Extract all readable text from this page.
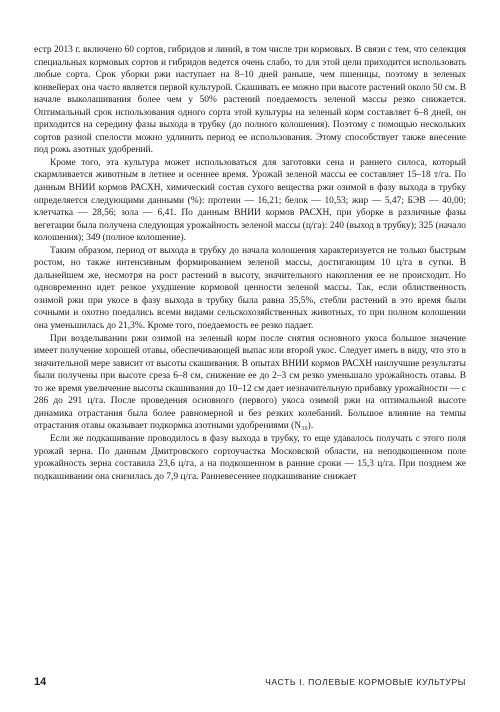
естр 2013 г. включено 60 сортов, гибридов и линий, в том числе три кормовых. В связи с тем, что селекция специальных кормовых сортов и гибридов ведется очень слабо, то для этой цели приходится использовать любые сорта. Срок уборки ржи наступает на 8–10 дней раньше, чем пшеницы, поэтому в зеленых конвейерах она часто является первой культурой. Скашивать ее можно при высоте растений около 50 см. В начале выколашивания более чем у 50% растений поедаемость зеленой массы резко снижается. Оптимальный срок использования одного сорта этой культуры на зеленый корм составляет 6–8 дней, он приходится на середину фазы выхода в трубку (до полного колошения). Поэтому с помощью нескольких сортов разной спелости можно удлинить период ее использования. Этому способствует также внесение под рожь азотных удобрений.

Кроме того, эта культура может использоваться для заготовки сена и раннего силоса, который скармливается животным в летнее и осеннее время. Урожай зеленой массы ее составляет 15–18 т/га. По данным ВНИИ кормов РАСХН, химический состав сухого вещества ржи озимой в фазу выхода в трубку определяется следующими данными (%): протеин — 16,21; белок — 10,53; жир — 5,47; БЭВ — 40,00; клетчатка — 28,56; зола — 6,41. По данным ВНИИ кормов РАСХН, при уборке в различные фазы вегетации была получена следующая урожайность зеленой массы (ц/га): 240 (выход в трубку); 325 (начало колошения); 349 (полное колошение).

Таким образом, период от выхода в трубку до начала колошения характеризуется не только быстрым ростом, но также интенсивным формированием зеленой массы, достигающим 10 ц/га в сутки. В дальнейшем же, несмотря на рост растений в высоту, значительного накопления ее не происходит. Но одновременно идет резкое ухудшение кормовой ценности зеленой массы. Так, если облиственность озимой ржи при укосе в фазу выхода в трубку была равна 35,5%, стебли растений в это время были сочными и охотно поедались всеми видами сельскохозяйственных животных, то при полном колошении она уменьшилась до 21,3%. Кроме того, поедаемость ее резко падает.

При возделывании ржи озимой на зеленый корм после снятия основного укоса большое значение имеет получение хорошей отавы, обеспечивающей выпас или второй укос. Следует иметь в виду, что это в значительной мере зависит от высоты скашивания. В опытах ВНИИ кормов РАСХН наилучшие результаты были получены при высоте среза 6–8 см, снижение ее до 2–3 см резко уменьшало урожайность отавы. В то же время увеличение высоты скашивания до 10–12 см дает незначительную прибавку урожайности — с 286 до 291 ц/га. После проведения основного (первого) укоса озимой ржи на оптимальной высоте динамика отрастания была более равномерной и без резких колебаний. Большое влияние на темпы отрастания отавы оказывает подкормка азотными удобрениями (N₃₀).

Если же подкашивание проводилось в фазу выхода в трубку, то еще удавалось получать с этого поля урожай зерна. По данным Дмитровского сортоучастка Московской области, на неподкошенном поле урожайность зерна составила 23,6 ц/га, а на подкошенном в ранние сроки — 15,3 ц/га. При позднем же подкашивании она снизилась до 7,9 ц/га. Ранневесеннее подкашивание снижает

14	ЧАСТЬ I. ПОЛЕВЫЕ КОРМОВЫЕ КУЛЬТУРЫ
